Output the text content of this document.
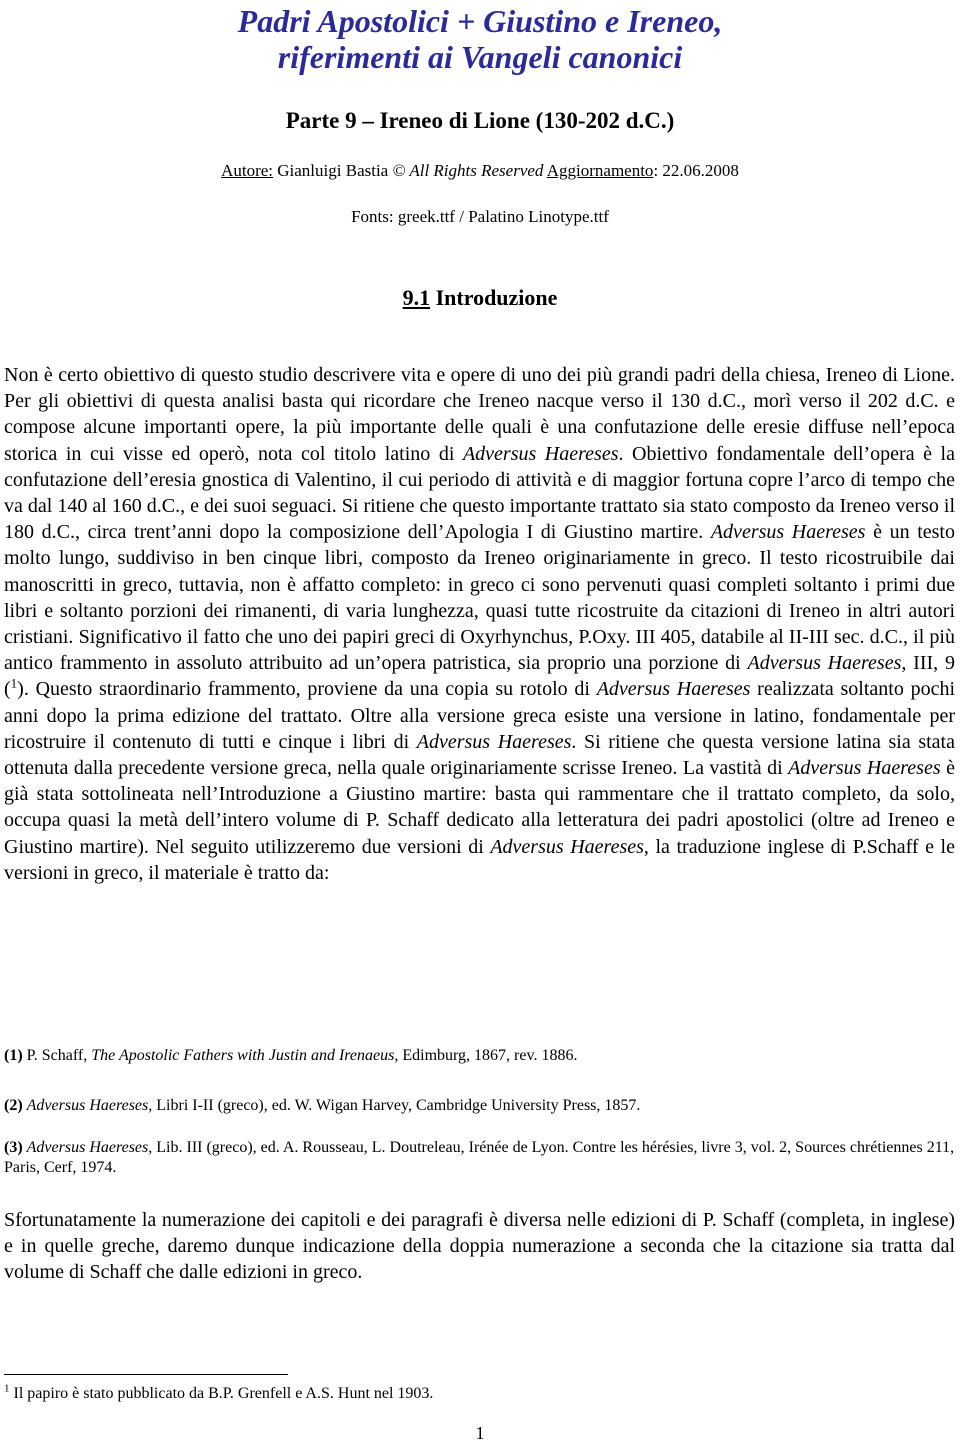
Padri Apostolici + Giustino e Ireneo,
riferimenti ai Vangeli canonici
Parte 9 – Ireneo di Lione (130-202 d.C.)
Autore: Gianluigi Bastia © All Rights Reserved Aggiornamento: 22.06.2008
Fonts: greek.ttf / Palatino Linotype.ttf
9.1 Introduzione
Non è certo obiettivo di questo studio descrivere vita e opere di uno dei più grandi padri della chiesa, Ireneo di Lione. Per gli obiettivi di questa analisi basta qui ricordare che Ireneo nacque verso il 130 d.C., morì verso il 202 d.C. e compose alcune importanti opere, la più importante delle quali è una confutazione delle eresie diffuse nell’epoca storica in cui visse ed operò, nota col titolo latino di Adversus Haereses. Obiettivo fondamentale dell’opera è la confutazione dell’eresia gnostica di Valentino, il cui periodo di attività e di maggior fortuna copre l’arco di tempo che va dal 140 al 160 d.C., e dei suoi seguaci. Si ritiene che questo importante trattato sia stato composto da Ireneo verso il 180 d.C., circa trent’anni dopo la composizione dell’Apologia I di Giustino martire. Adversus Haereses è un testo molto lungo, suddiviso in ben cinque libri, composto da Ireneo originariamente in greco. Il testo ricostruibile dai manoscritti in greco, tuttavia, non è affatto completo: in greco ci sono pervenuti quasi completi soltanto i primi due libri e soltanto porzioni dei rimanenti, di varia lunghezza, quasi tutte ricostruite da citazioni di Ireneo in altri autori cristiani. Significativo il fatto che uno dei papiri greci di Oxyrhynchus, P.Oxy. III 405, databile al II-III sec. d.C., il più antico frammento in assoluto attribuito ad un’opera patristica, sia proprio una porzione di Adversus Haereses, III, 9 ($^1$). Questo straordinario frammento, proviene da una copia su rotolo di Adversus Haereses realizzata soltanto pochi anni dopo la prima edizione del trattato. Oltre alla versione greca esiste una versione in latino, fondamentale per ricostruire il contenuto di tutti e cinque i libri di Adversus Haereses. Si ritiene che questa versione latina sia stata ottenuta dalla precedente versione greca, nella quale originariamente scrisse Ireneo. La vastità di Adversus Haereses è già stata sottolineata nell’Introduzione a Giustino martire: basta qui rammentare che il trattato completo, da solo, occupa quasi la metà dell’intero volume di P. Schaff dedicato alla letteratura dei padri apostolici (oltre ad Ireneo e Giustino martire). Nel seguito utilizzeremo due versioni di Adversus Haereses, la traduzione inglese di P.Schaff e le versioni in greco, il materiale è tratto da:
(1) P. Schaff, The Apostolic Fathers with Justin and Irenaeus, Edimburg, 1867, rev. 1886.
(2) Adversus Haereses, Libri I-II (greco), ed. W. Wigan Harvey, Cambridge University Press, 1857.
(3) Adversus Haereses, Lib. III (greco), ed. A. Rousseau, L. Doutreleau, Irénée de Lyon. Contre les hérésies, livre 3, vol. 2, Sources chrétiennes 211, Paris, Cerf, 1974.
Sfortunatamente la numerazione dei capitoli e dei paragrafi è diversa nelle edizioni di P. Schaff (completa, in inglese) e in quelle greche, daremo dunque indicazione della doppia numerazione a seconda che la citazione sia tratta dal volume di Schaff che dalle edizioni in greco.
$^1$ Il papiro è stato pubblicato da B.P. Grenfell e A.S. Hunt nel 1903.
1
